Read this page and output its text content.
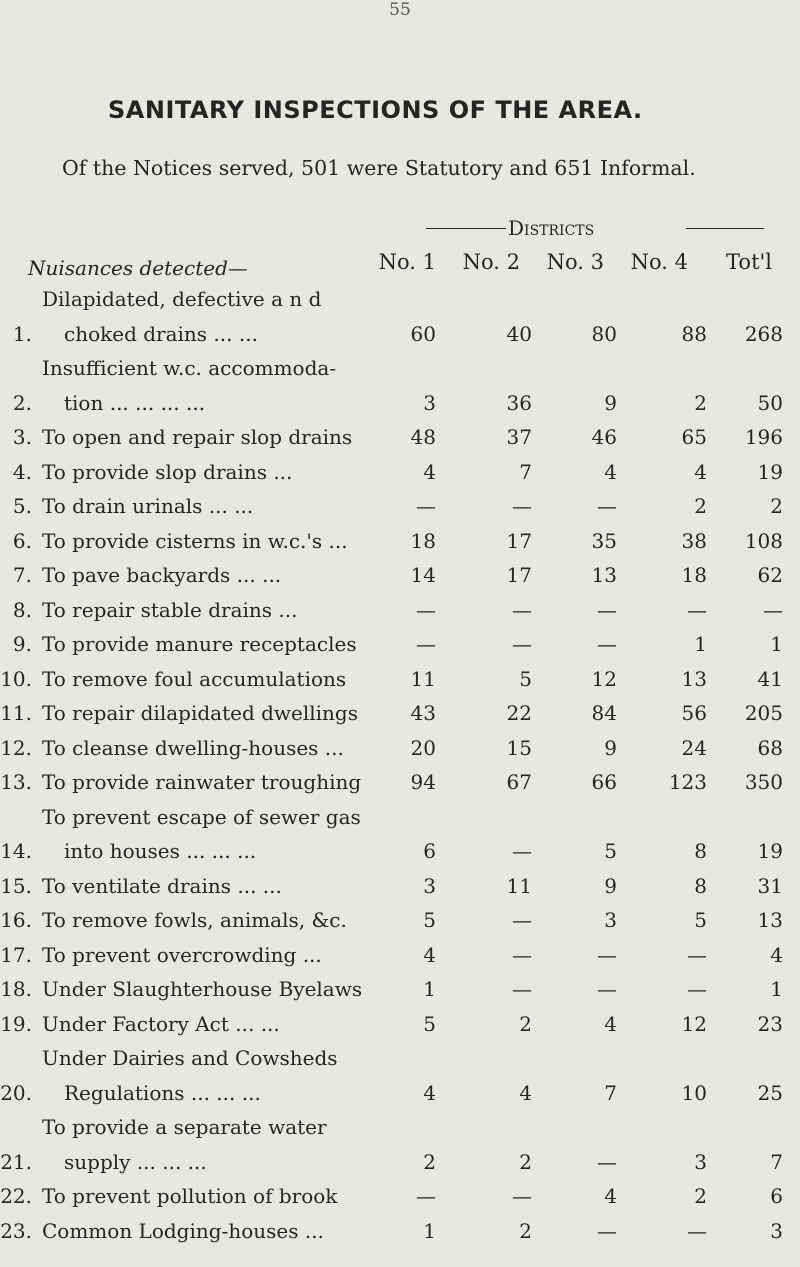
55
SANITARY INSPECTIONS OF THE AREA.

Of the Notices served, 501 were Statutory and 651 Informal.

Districts
Nuisances detected—	No. 1	No. 2	No. 3	No. 4	Tot'l
1.	Dilapidated, defective a n d
choked drains ... ...	60	40	80	88	268
2.	Insufficient w.c. accommoda-
tion ... ... ... ...	3	36	9	2	50
3.	To open and repair slop drains	48	37	46	65	196
4.	To provide slop drains ...	4	7	4	4	19
5.	To drain urinals ... ...	—	—	—	2	2
6.	To provide cisterns in w.c.'s ...	18	17	35	38	108
7.	To pave backyards ... ...	14	17	13	18	62
8.	To repair stable drains ...	—	—	—	—	—
9.	To provide manure receptacles	—	—	—	1	1
10.	To remove foul accumulations	11	5	12	13	41
11.	To repair dilapidated dwellings	43	22	84	56	205
12.	To cleanse dwelling-houses ...	20	15	9	24	68
13.	To provide rainwater troughing	94	67	66	123	350
14.	To prevent escape of sewer gas
into houses ... ... ...	6	—	5	8	19
15.	To ventilate drains ... ...	3	11	9	8	31
16.	To remove fowls, animals, &c.	5	—	3	5	13
17.	To prevent overcrowding ...	4	—	—	—	4
18.	Under Slaughterhouse Byelaws	1	—	—	—	1
19.	Under Factory Act ... ...	5	2	4	12	23
20.	Under Dairies and Cowsheds
Regulations ... ... ...	4	4	7	10	25
21.	To provide a separate water
supply ... ... ...	2	2	—	3	7
22.	To prevent pollution of brook	—	—	4	2	6
23.	Common Lodging-houses ...	1	2	—	—	3
